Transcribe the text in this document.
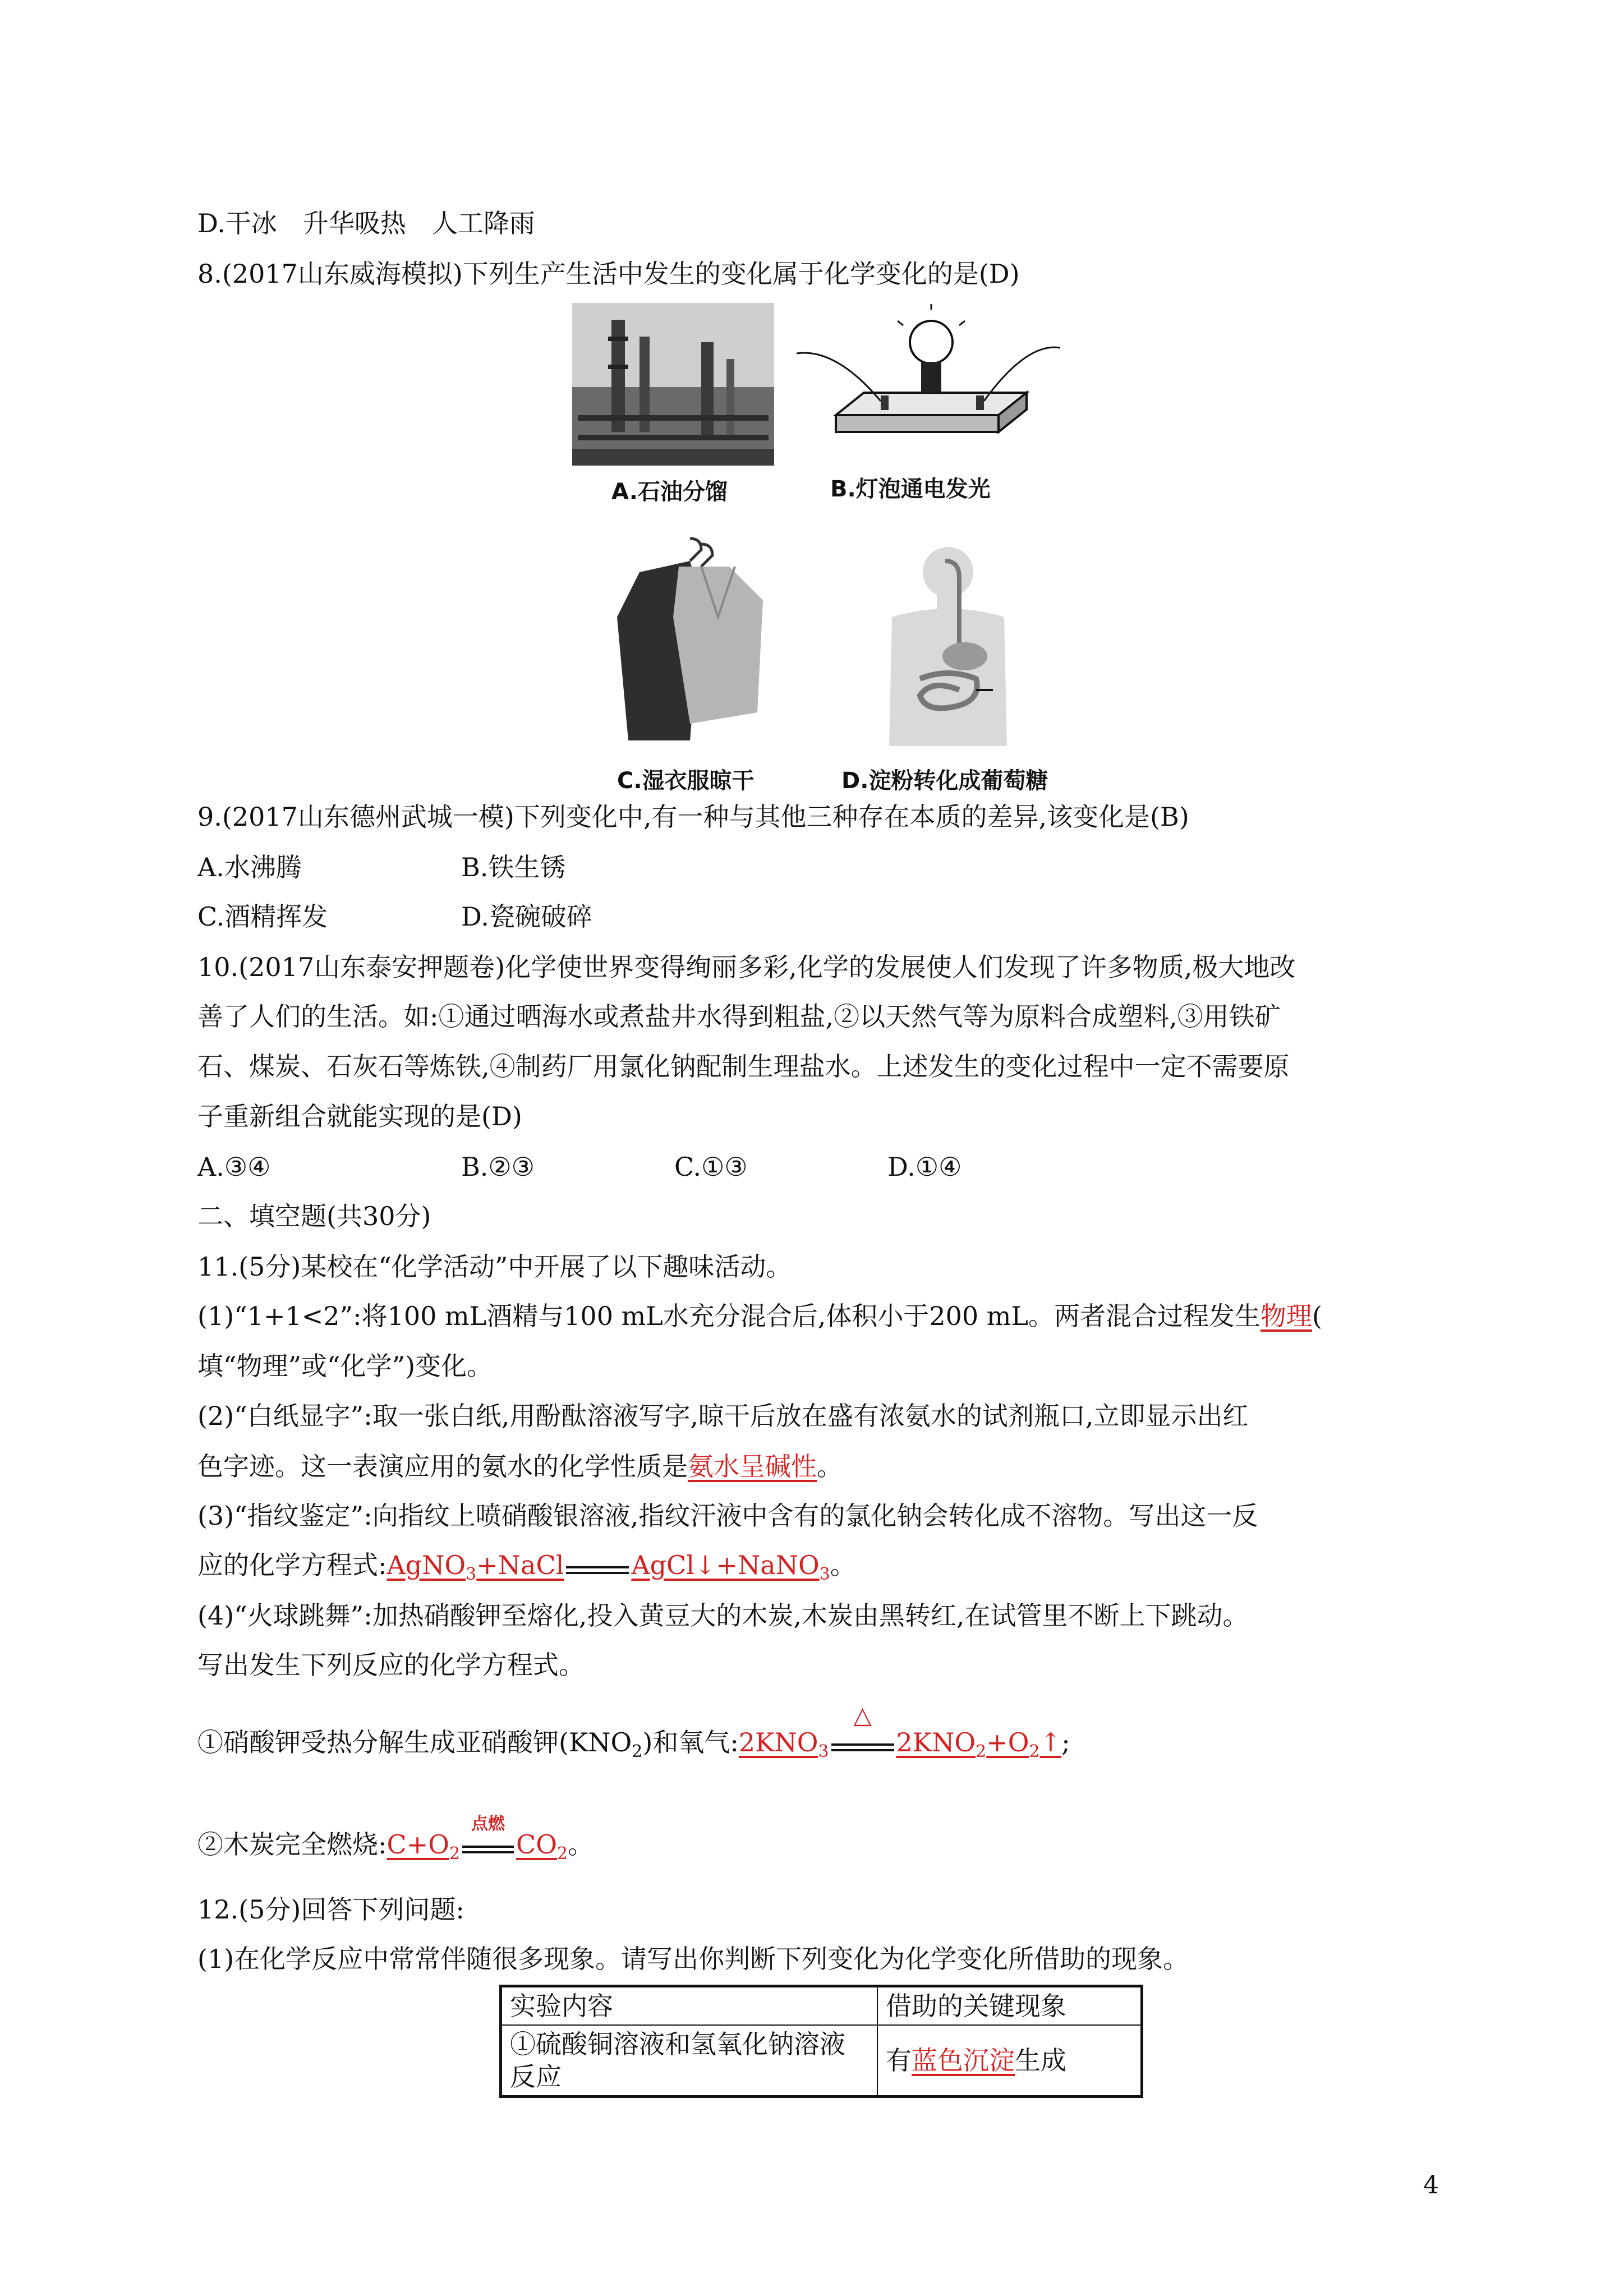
D.干冰　升华吸热　人工降雨
8.(2017山东威海模拟)下列生产生活中发生的变化属于化学变化的是(D)
A.石油分馏	B.灯泡通电发光
C.湿衣服晾干	D.淀粉转化成葡萄糖
9.(2017山东德州武城一模)下列变化中,有一种与其他三种存在本质的差异,该变化是(B)
A.水沸腾	B.铁生锈
C.酒精挥发	D.瓷碗破碎
10.(2017山东泰安押题卷)化学使世界变得绚丽多彩,化学的发展使人们发现了许多物质,极大地改
善了人们的生活。如:①通过晒海水或煮盐井水得到粗盐,②以天然气等为原料合成塑料,③用铁矿
石、煤炭、石灰石等炼铁,④制药厂用氯化钠配制生理盐水。上述发生的变化过程中一定不需要原
子重新组合就能实现的是(D)
A.③④	B.②③	C.①③	D.①④
二、填空题(共30分)
11.(5分)某校在“化学活动”中开展了以下趣味活动。
(1)“1+1<2”:将100 mL酒精与100 mL水充分混合后,体积小于200 mL。两者混合过程发生物理(
填“物理”或“化学”)变化。
(2)“白纸显字”:取一张白纸,用酚酞溶液写字,晾干后放在盛有浓氨水的试剂瓶口,立即显示出红
色字迹。这一表演应用的氨水的化学性质是氨水呈碱性。
(3)“指纹鉴定”:向指纹上喷硝酸银溶液,指纹汗液中含有的氯化钠会转化成不溶物。写出这一反
应的化学方程式:AgNO$_3$+NaCl	AgCl↓+NaNO$_3$。
(4)“火球跳舞”:加热硝酸钾至熔化,投入黄豆大的木炭,木炭由黑转红,在试管里不断上下跳动。
写出发生下列反应的化学方程式。
①硝酸钾受热分解生成亚硝酸钾$(KNO_2)$和氧气$:2KNO_3$
△
$2KNO_2+O_2↑$;
②木炭完全燃烧$:C+O_2$
点燃
$CO_2$。
12.(5分)回答下列问题:
(1)在化学反应中常常伴随很多现象。请写出你判断下列变化为化学变化所借助的现象。
实验内容	借助的关键现象
①硫酸铜溶液和氢氧化钠溶液反应	有蓝色沉淀生成
4
